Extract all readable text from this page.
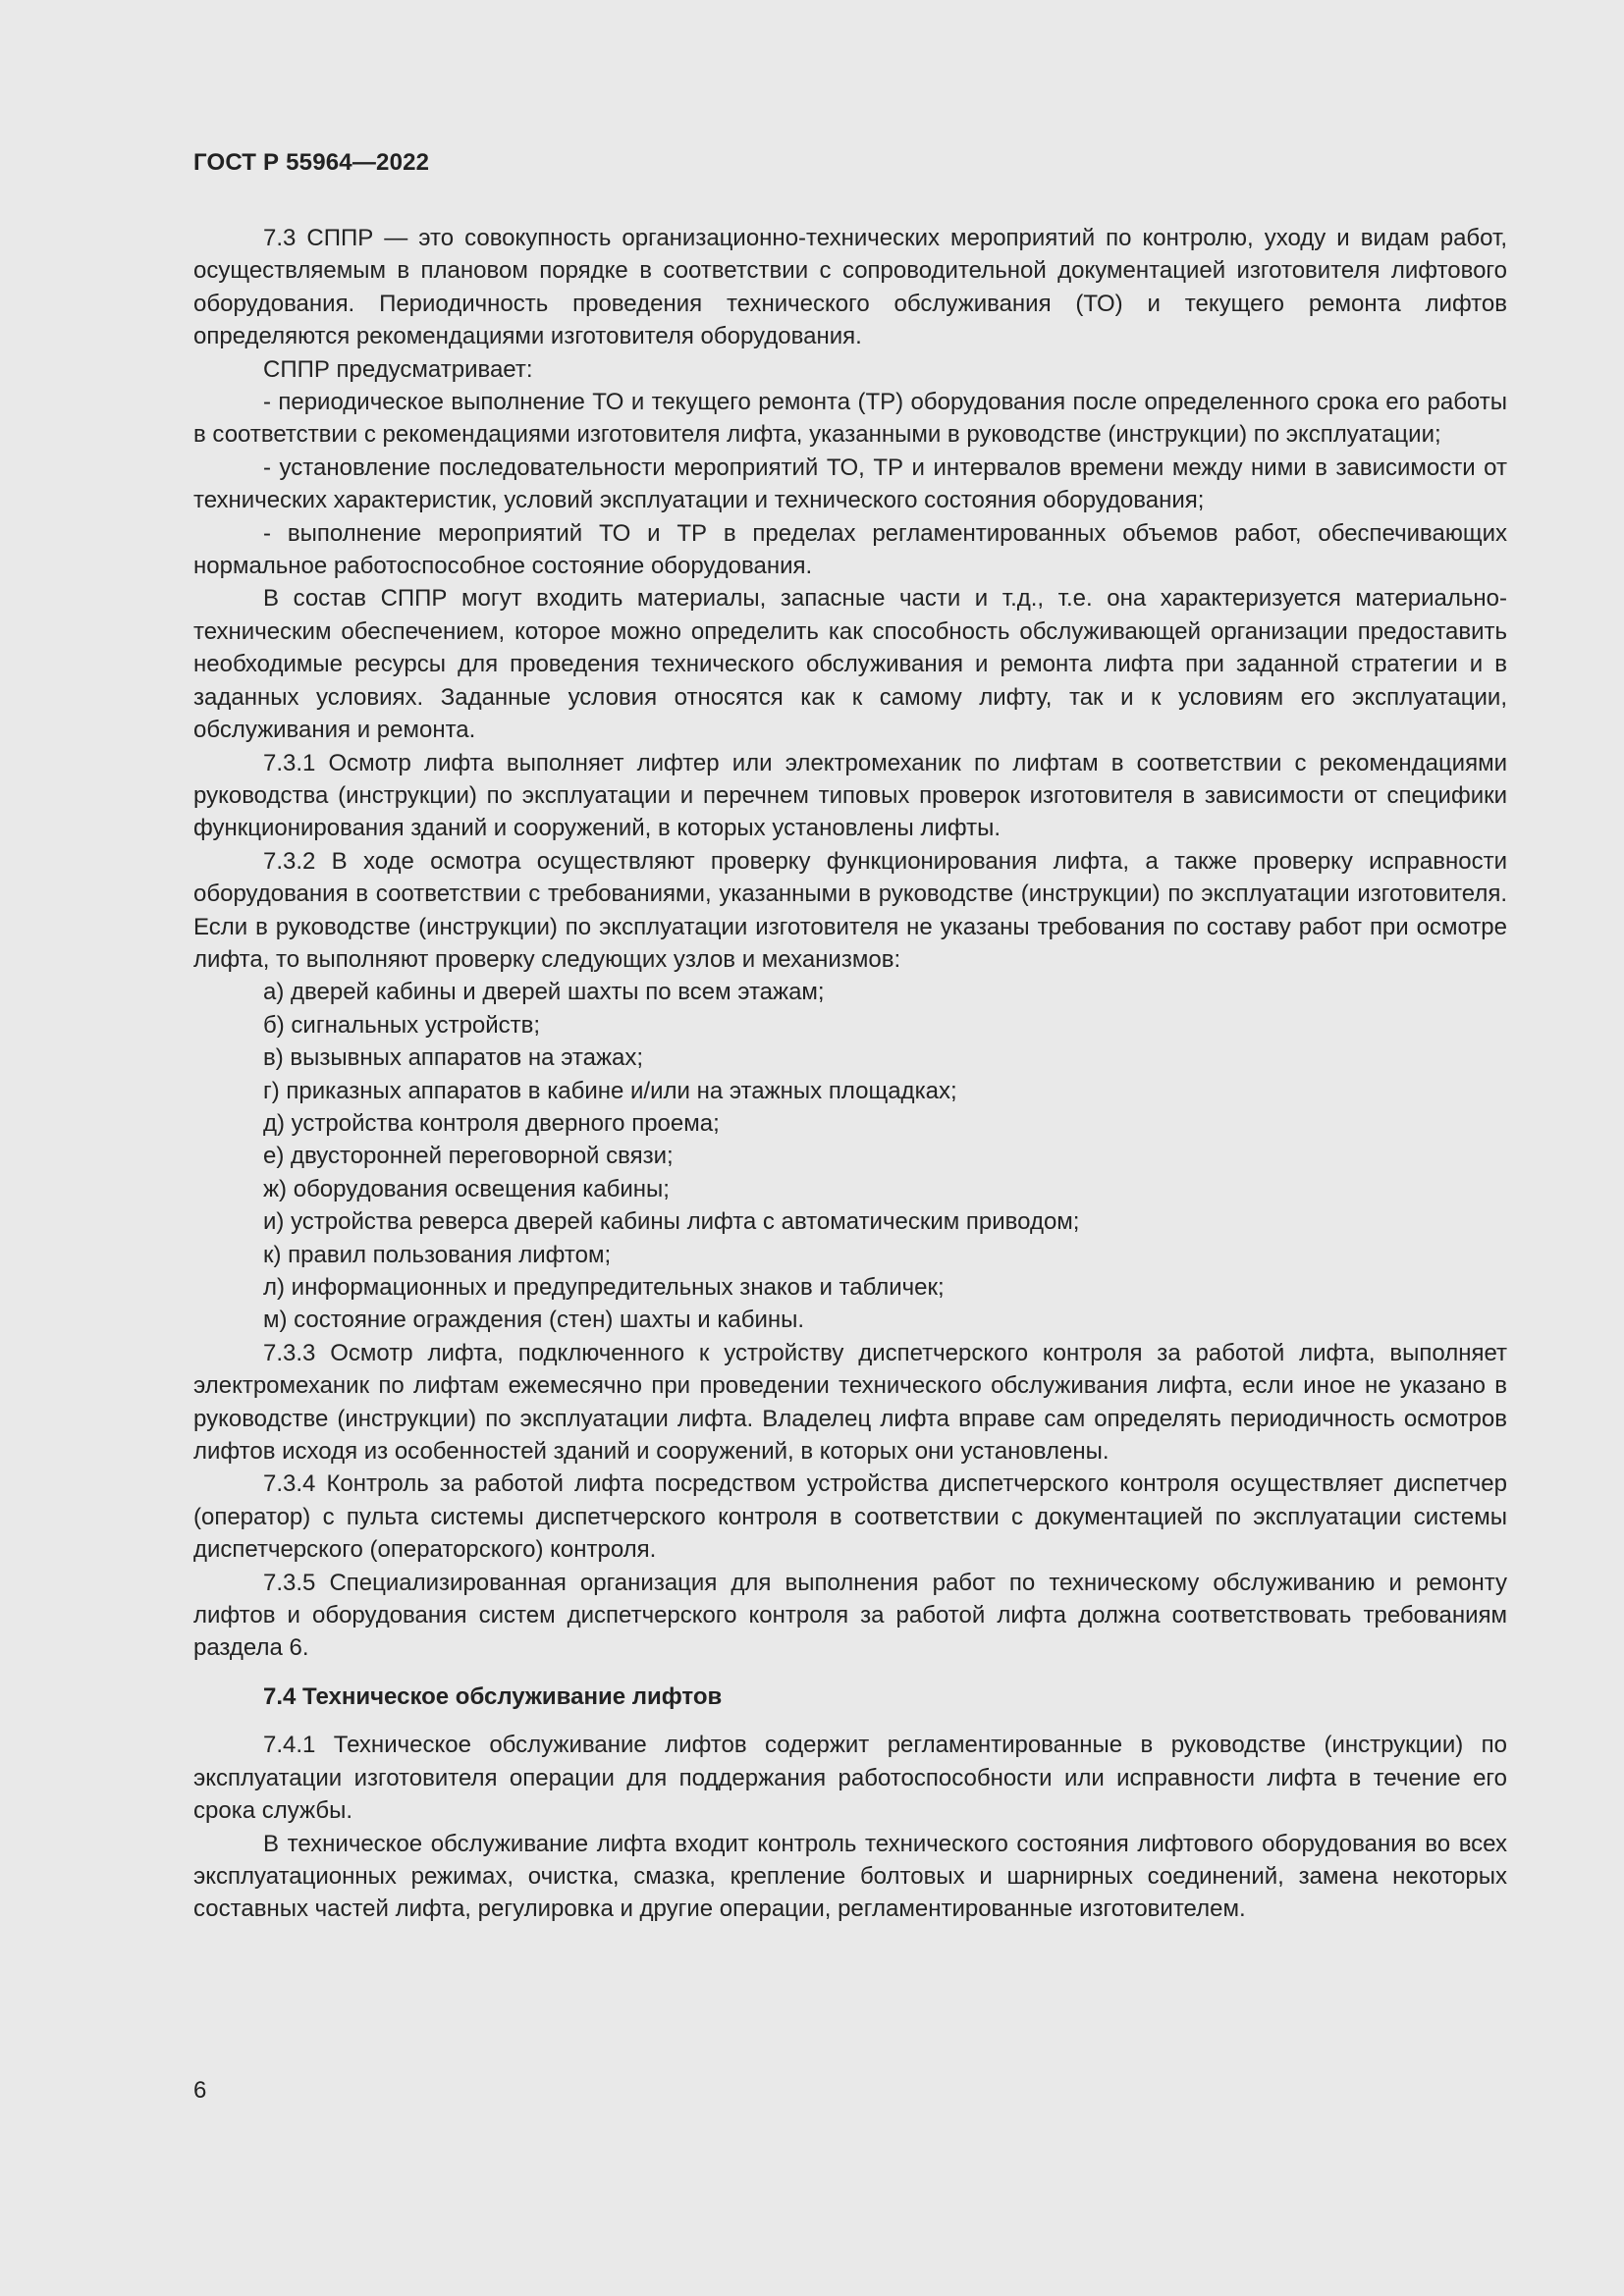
ГОСТ Р 55964—2022

7.3 СППР — это совокупность организационно-технических мероприятий по контролю, уходу и видам работ, осуществляемым в плановом порядке в соответствии с сопроводительной документацией изготовителя лифтового оборудования. Периодичность проведения технического обслуживания (ТО) и текущего ремонта лифтов определяются рекомендациями изготовителя оборудования.

СППР предусматривает:

- периодическое выполнение ТО и текущего ремонта (ТР) оборудования после определенного срока его работы в соответствии с рекомендациями изготовителя лифта, указанными в руководстве (инструкции) по эксплуатации;

- установление последовательности мероприятий ТО, ТР и интервалов времени между ними в зависимости от технических характеристик, условий эксплуатации и технического состояния оборудования;

- выполнение мероприятий ТО и ТР в пределах регламентированных объемов работ, обеспечивающих нормальное работоспособное состояние оборудования.

В состав СППР могут входить материалы, запасные части и т.д., т.е. она характеризуется материально-техническим обеспечением, которое можно определить как способность обслуживающей организации предоставить необходимые ресурсы для проведения технического обслуживания и ремонта лифта при заданной стратегии и в заданных условиях. Заданные условия относятся как к самому лифту, так и к условиям его эксплуатации, обслуживания и ремонта.

7.3.1 Осмотр лифта выполняет лифтер или электромеханик по лифтам в соответствии с рекомендациями руководства (инструкции) по эксплуатации и перечнем типовых проверок изготовителя в зависимости от специфики функционирования зданий и сооружений, в которых установлены лифты.

7.3.2 В ходе осмотра осуществляют проверку функционирования лифта, а также проверку исправности оборудования в соответствии с требованиями, указанными в руководстве (инструкции) по эксплуатации изготовителя. Если в руководстве (инструкции) по эксплуатации изготовителя не указаны требования по составу работ при осмотре лифта, то выполняют проверку следующих узлов и механизмов:

а) дверей кабины и дверей шахты по всем этажам;

б) сигнальных устройств;

в) вызывных аппаратов на этажах;

г) приказных аппаратов в кабине и/или на этажных площадках;

д) устройства контроля дверного проема;

е) двусторонней переговорной связи;

ж) оборудования освещения кабины;

и) устройства реверса дверей кабины лифта с автоматическим приводом;

к) правил пользования лифтом;

л) информационных и предупредительных знаков и табличек;

м) состояние ограждения (стен) шахты и кабины.

7.3.3 Осмотр лифта, подключенного к устройству диспетчерского контроля за работой лифта, выполняет электромеханик по лифтам ежемесячно при проведении технического обслуживания лифта, если иное не указано в руководстве (инструкции) по эксплуатации лифта. Владелец лифта вправе сам определять периодичность осмотров лифтов исходя из особенностей зданий и сооружений, в которых они установлены.

7.3.4 Контроль за работой лифта посредством устройства диспетчерского контроля осуществляет диспетчер (оператор) с пульта системы диспетчерского контроля в соответствии с документацией по эксплуатации системы диспетчерского (операторского) контроля.

7.3.5 Специализированная организация для выполнения работ по техническому обслуживанию и ремонту лифтов и оборудования систем диспетчерского контроля за работой лифта должна соответствовать требованиям раздела 6.

7.4 Техническое обслуживание лифтов

7.4.1 Техническое обслуживание лифтов содержит регламентированные в руководстве (инструкции) по эксплуатации изготовителя операции для поддержания работоспособности или исправности лифта в течение его срока службы.

В техническое обслуживание лифта входит контроль технического состояния лифтового оборудования во всех эксплуатационных режимах, очистка, смазка, крепление болтовых и шарнирных соединений, замена некоторых составных частей лифта, регулировка и другие операции, регламентированные изготовителем.

6
